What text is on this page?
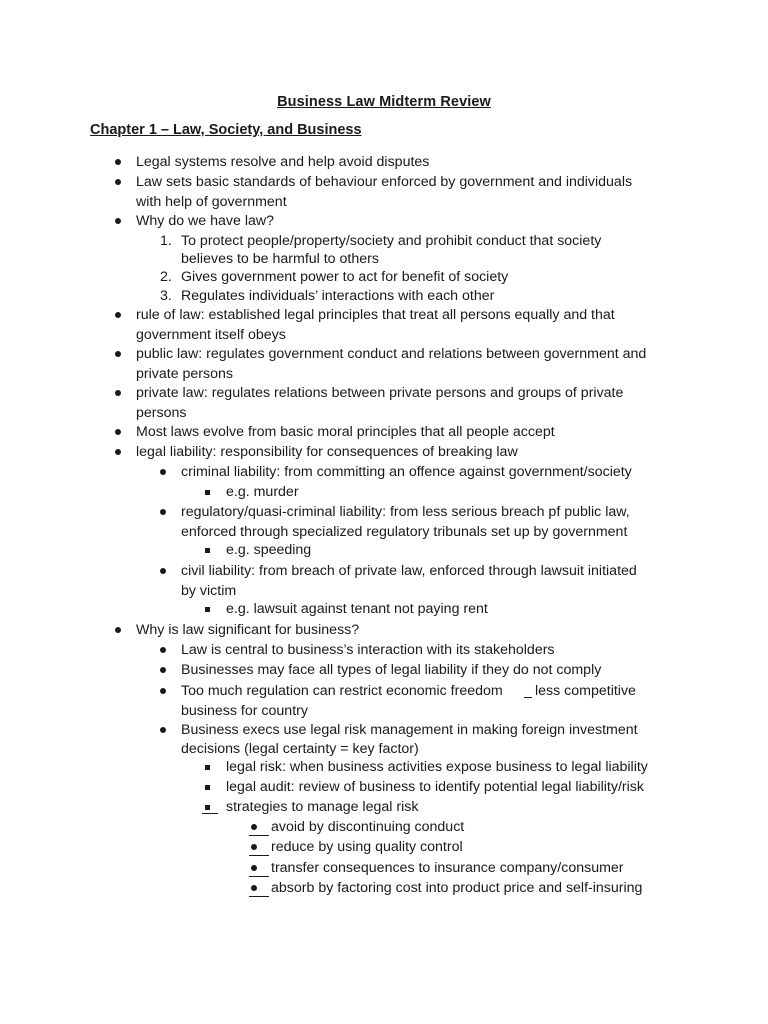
Business Law Midterm Review
Chapter 1 – Law, Society, and Business
Legal systems resolve and help avoid disputes
Law sets basic standards of behaviour enforced by government and individuals
with help of government
Why do we have law?
1. To protect people/property/society and prohibit conduct that society
believes to be harmful to others
2. Gives government power to act for benefit of society
3. Regulates individuals’ interactions with each other
rule of law: established legal principles that treat all persons equally and that
government itself obeys
public law: regulates government conduct and relations between government and
private persons
private law: regulates relations between private persons and groups of private
persons
Most laws evolve from basic moral principles that all people accept
legal liability: responsibility for consequences of breaking law
criminal liability: from committing an offence against government/society
e.g. murder
regulatory/quasi-criminal liability: from less serious breach pf public law,
enforced through specialized regulatory tribunals set up by government
e.g. speeding
civil liability: from breach of private law, enforced through lawsuit initiated
by victim
e.g. lawsuit against tenant not paying rent
Why is law significant for business?
Law is central to business’s interaction with its stakeholders
Businesses may face all types of legal liability if they do not comply
Too much regulation can restrict economic freedom less competitive
business for country
Business execs use legal risk management in making foreign investment
decisions (legal certainty = key factor)
legal risk: when business activities expose business to legal liability
legal audit: review of business to identify potential legal liability/risk
strategies to manage legal risk
avoid by discontinuing conduct
reduce by using quality control
transfer consequences to insurance company/consumer
absorb by factoring cost into product price and self-insuring
